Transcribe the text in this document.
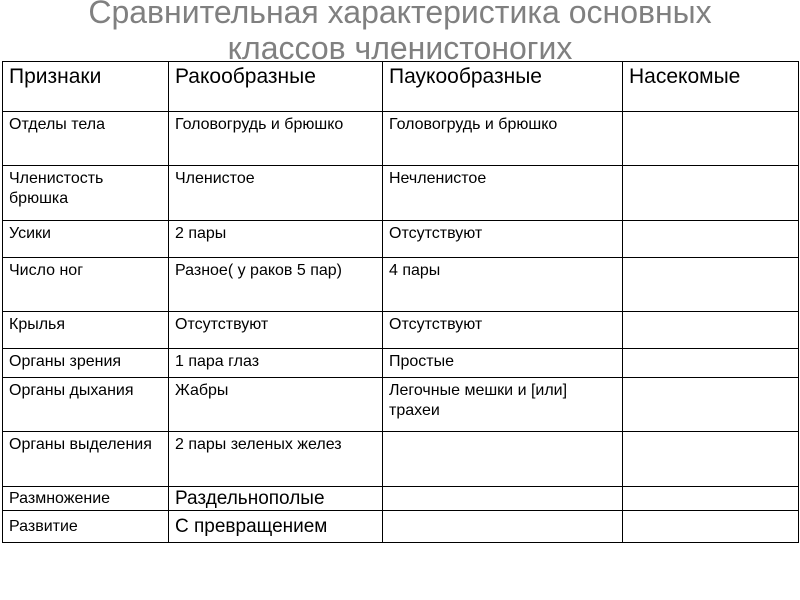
Сравнительная характеристика основных
классов членистоногих
Признаки	Ракообразные	Паукообразные	Насекомые
Отделы тела	Головогрудь и брюшко	Головогрудь и брюшко	
Членистость брюшка	Членистое	Нечленистое	
Усики	2 пары	Отсутствуют	
Число ног	Разное( у раков 5 пар)	4 пары	
Крылья	Отсутствуют	Отсутствуют	
Органы зрения	1 пара глаз	Простые	
Органы дыхания	Жабры	Легочные мешки и [или] трахеи	
Органы выделения	2 пары зеленых желез		
Размножение	Раздельнополые		
Развитие	С превращением		
